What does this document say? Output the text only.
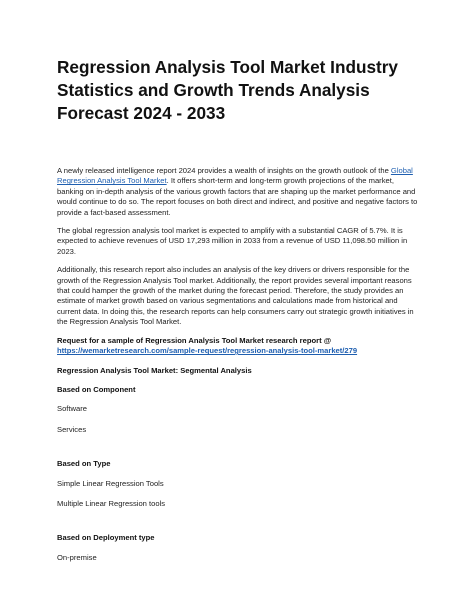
Regression Analysis Tool Market Industry Statistics and Growth Trends Analysis Forecast 2024 - 2033

A newly released intelligence report 2024 provides a wealth of insights on the growth outlook of the Global Regression Analysis Tool Market. It offers short-term and long-term growth projections of the market, banking on in-depth analysis of the various growth factors that are shaping up the market performance and would continue to do so. The report focuses on both direct and indirect, and positive and negative factors to provide a fact-based assessment.

The global regression analysis tool market is expected to amplify with a substantial CAGR of 5.7%. It is expected to achieve revenues of USD 17,293 million in 2033 from a revenue of USD 11,098.50 million in 2023.

Additionally, this research report also includes an analysis of the key drivers or drivers responsible for the growth of the Regression Analysis Tool market. Additionally, the report provides several important reasons that could hamper the growth of the market during the forecast period. Therefore, the study provides an estimate of market growth based on various segmentations and calculations made from historical and current data. In doing this, the research reports can help consumers carry out strategic growth initiatives in the Regression Analysis Tool Market.

Request for a sample of Regression Analysis Tool Market research report @

https://wemarketresearch.com/sample-request/regression-analysis-tool-market/279

Regression Analysis Tool Market: Segmental Analysis

Based on Component

Software

Services

Based on Type

Simple Linear Regression Tools

Multiple Linear Regression tools

Based on Deployment type

On-premise
